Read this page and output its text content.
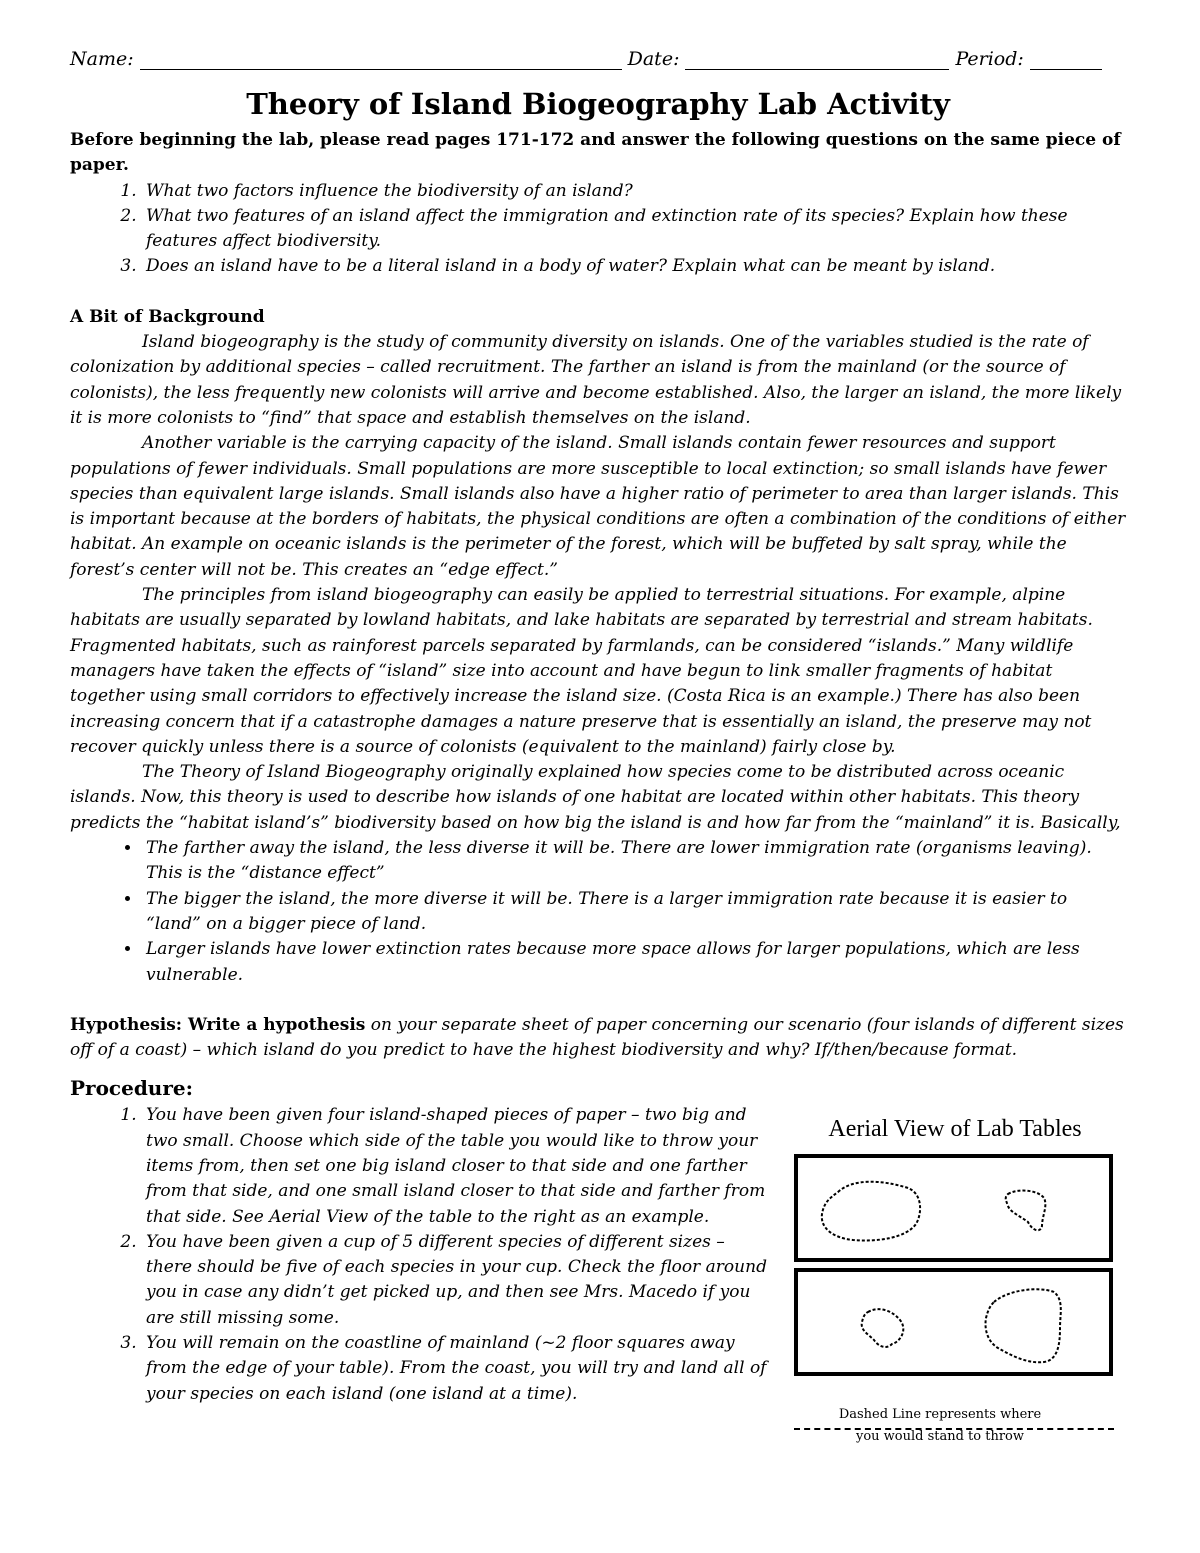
Name:	Date:	Period:
Theory of Island Biogeography Lab Activity

Before beginning the lab, please read pages 171-172 and answer the following questions on the same piece of paper.

1. What two factors influence the biodiversity of an island?
2. What two features of an island affect the immigration and extinction rate of its species? Explain how these features affect biodiversity.
3. Does an island have to be a literal island in a body of water? Explain what can be meant by island.
A Bit of Background

Island biogeography is the study of community diversity on islands. One of the variables studied is the rate of colonization by additional species – called recruitment. The farther an island is from the mainland (or the source of colonists), the less frequently new colonists will arrive and become established. Also, the larger an island, the more likely it is more colonists to “find” that space and establish themselves on the island.

Another variable is the carrying capacity of the island. Small islands contain fewer resources and support populations of fewer individuals. Small populations are more susceptible to local extinction; so small islands have fewer species than equivalent large islands. Small islands also have a higher ratio of perimeter to area than larger islands. This is important because at the borders of habitats, the physical conditions are often a combination of the conditions of either habitat. An example on oceanic islands is the perimeter of the forest, which will be buffeted by salt spray, while the forest’s center will not be. This creates an “edge effect.”

The principles from island biogeography can easily be applied to terrestrial situations. For example, alpine habitats are usually separated by lowland habitats, and lake habitats are separated by terrestrial and stream habitats. Fragmented habitats, such as rainforest parcels separated by farmlands, can be considered “islands.” Many wildlife managers have taken the effects of “island” size into account and have begun to link smaller fragments of habitat together using small corridors to effectively increase the island size. (Costa Rica is an example.) There has also been increasing concern that if a catastrophe damages a nature preserve that is essentially an island, the preserve may not recover quickly unless there is a source of colonists (equivalent to the mainland) fairly close by.

The Theory of Island Biogeography originally explained how species come to be distributed across oceanic islands. Now, this theory is used to describe how islands of one habitat are located within other habitats. This theory predicts the “habitat island’s” biodiversity based on how big the island is and how far from the “mainland” it is. Basically,

• The farther away the island, the less diverse it will be. There are lower immigration rate (organisms leaving). This is the “distance effect”
• The bigger the island, the more diverse it will be. There is a larger immigration rate because it is easier to “land” on a bigger piece of land.
• Larger islands have lower extinction rates because more space allows for larger populations, which are less vulnerable.

Hypothesis: Write a hypothesis on your separate sheet of paper concerning our scenario (four islands of different sizes off of a coast) – which island do you predict to have the highest biodiversity and why? If/then/because format.

Procedure:
1. You have been given four island-shaped pieces of paper – two big and two small. Choose which side of the table you would like to throw your items from, then set one big island closer to that side and one farther from that side, and one small island closer to that side and farther from that side. See Aerial View of the table to the right as an example.
2. You have been given a cup of 5 different species of different sizes – there should be five of each species in your cup. Check the floor around you in case any didn’t get picked up, and then see Mrs. Macedo if you are still missing some.
3. You will remain on the coastline of mainland (~2 floor squares away from the edge of your table). From the coast, you will try and land all of your species on each island (one island at a time).
Aerial View of Lab Tables
Dashed Line represents where
you would stand to throw
